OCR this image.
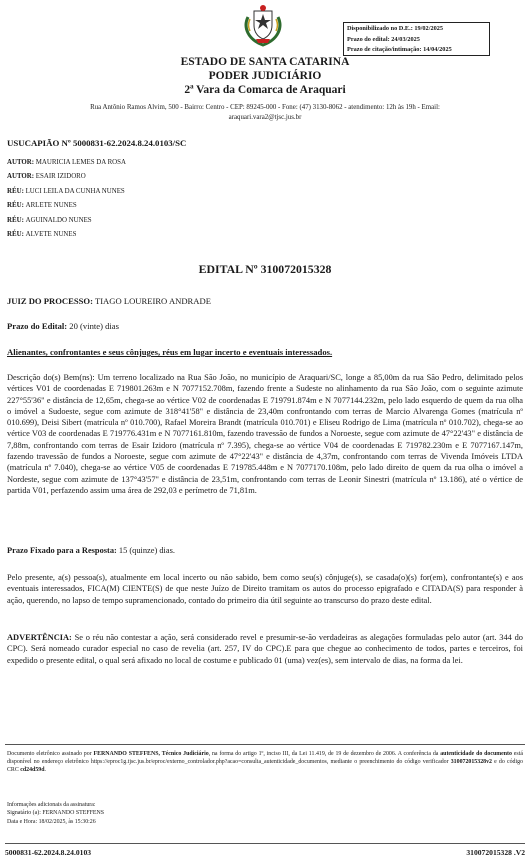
Disponibilizado no D.E.: 19/02/2025
Prazo do edital: 24/03/2025
Prazo de citação/intimação: 14/04/2025
ESTADO DE SANTA CATARINA
PODER JUDICIÁRIO
2ª Vara da Comarca de Araquari
Rua Antônio Ramos Alvim, 500 - Bairro: Centro - CEP: 89245-000 - Fone: (47) 3130-8062 - atendimento: 12h às 19h - Email:
araquari.vara2@tjsc.jus.br
USUCAPIÃO Nº 5000831-62.2024.8.24.0103/SC
AUTOR: MAURICIA LEMES DA ROSA
AUTOR: ESAIR IZIDORO
RÉU: LUCI LEILA DA CUNHA NUNES
RÉU: ARLETE NUNES
RÉU: AGUINALDO NUNES
RÉU: ALVETE NUNES
EDITAL Nº 310072015328
JUIZ DO PROCESSO: TIAGO LOUREIRO ANDRADE
Prazo do Edital: 20 (vinte) dias
Alienantes, confrontantes e seus cônjuges, réus em lugar incerto e eventuais interessados.
Descrição do(s) Bem(ns): Um terreno localizado na Rua São João, no município de Araquari/SC, longe a 85,00m da rua São Pedro, delimitado pelos vértices V01 de coordenadas E 719801.263m e N 7077152.708m, fazendo frente a Sudeste no alinhamento da rua São João, com o seguinte azimute 227°55'36" e distância de 12,65m, chega-se ao vértice V02 de coordenadas E 719791.874m e N 7077144.232m, pelo lado esquerdo de quem da rua olha o imóvel a Sudoeste, segue com azimute de 318°41'58" e distância de 23,40m confrontando com terras de Marcio Alvarenga Gomes (matrícula nº 010.699), Deisi Sibert (matrícula nº 010.700), Rafael Moreira Brandt (matrícula 010.701) e Eliseu Rodrigo de Lima (matrícula nº 010.702), chega-se ao vértice V03 de coordenadas E 719776.431m e N 7077161.810m, fazendo travessão de fundos a Noroeste, segue com azimute de 47°22'43" e distância de 7,88m, confrontando com terras de Esair Izidoro (matrícula nº 7.395), chega-se ao vértice V04 de coordenadas E 719782.230m e E 7077167.147m, fazendo travessão de fundos a Noroeste, segue com azimute de 47°22'43" e distância de 4,37m, confrontando com terras de Vivenda Imóveis LTDA (matrícula nº 7.040), chega-se ao vértice V05 de coordenadas E 719785.448m e N 7077170.108m, pelo lado direito de quem da rua olha o imóvel a Nordeste, segue com azimute de 137°43'57" e distância de 23,51m, confrontando com terras de Leonir Sinestri (matrícula nº 13.186), até o vértice de partida V01, perfazendo assim uma área de 292,03 e perímetro de 71,81m.
Prazo Fixado para a Resposta: 15 (quinze) dias.
Pelo presente, a(s) pessoa(s), atualmente em local incerto ou não sabido, bem como seu(s) cônjuge(s), se casada(o)(s) for(em), confrontante(s) e aos eventuais interessados, FICA(M) CIENTE(S) de que neste Juízo de Direito tramitam os autos do processo epigrafado e CITADA(S) para responder à ação, querendo, no lapso de tempo supramencionado, contado do primeiro dia útil seguinte ao transcurso do prazo deste edital.
ADVERTÊNCIA: Se o réu não contestar a ação, será considerado revel e presumir-se-ão verdadeiras as alegações formuladas pelo autor (art. 344 do CPC). Será nomeado curador especial no caso de revelia (art. 257, IV do CPC).E para que chegue ao conhecimento de todos, partes e terceiros, foi expedido o presente edital, o qual será afixado no local de costume e publicado 01 (uma) vez(es), sem intervalo de dias, na forma da lei.
Documento eletrônico assinado por FERNANDO STEFFENS, Técnico Judiciário, na forma do artigo 1º, inciso III, da Lei 11.419, de 19 de dezembro de 2006. A conferência da autenticidade do documento está disponível no endereço eletrônico https://eproc1g.tjsc.jus.br/eproc/externo_controlador.php?acao=consulta_autenticidade_documentos, mediante o preenchimento do código verificador 310072015328v2 e do código CRC cd24d59d.
Informações adicionais da assinatura:
Signatário (a): FERNANDO STEFFENS
Data e Hora: 18/02/2025, às 15:30:26
5000831-62.2024.8.24.0103	310072015328 .V2
